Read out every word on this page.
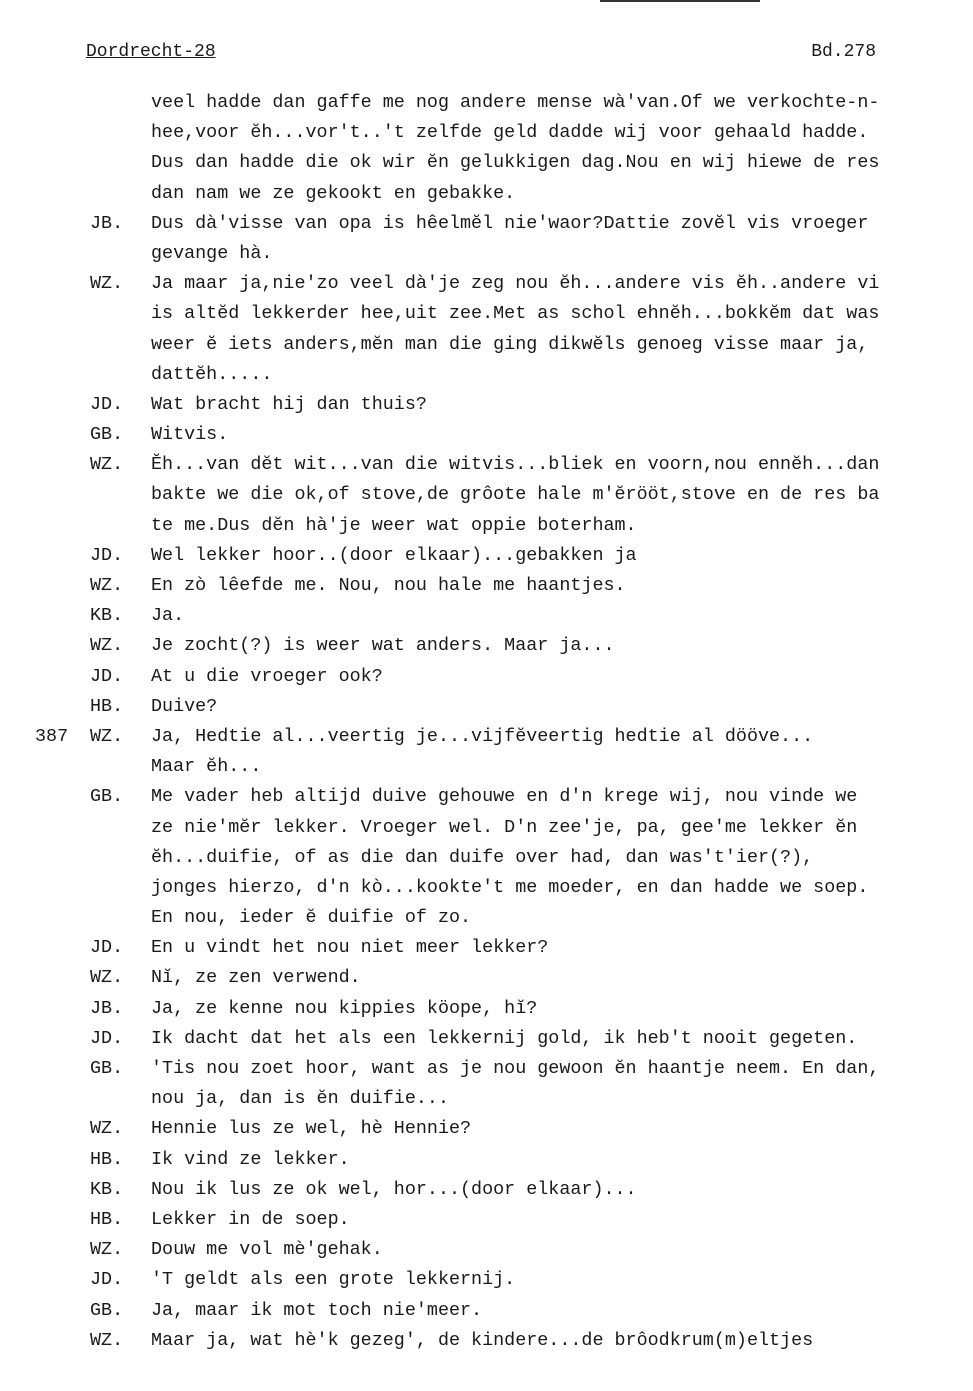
Dordrecht-28	Bd.278
veel hadde dan gaffe me nog andere mense wà'van.Of we verkochte-n-
hee,voor ĕh...vor't..'t zelfde geld dadde wij voor gehaald hadde.
Dus dan hadde die ok wir ĕn gelukkigen dag.Nou en wij hiewe de res
dan nam we ze gekookt en gebakke.
JB. Dus dà'visse van opa is hêelmĕl nie'waor?Dattie zovĕl vis vroeger
gevange hà.
WZ. Ja maar ja,nie'zo veel dà'je zeg nou ĕh...andere vis ĕh..andere vi
is altĕd lekkerder hee,uit zee.Met as schol ehnĕh...bokkĕm dat was
weer ĕ iets anders,mĕn man die ging dikwĕls genoeg visse maar ja,
dattĕh.....
JD. Wat bracht hij dan thuis?
GB. Witvis.
WZ. Ĕh...van dĕt wit...van die witvis...bliek en voorn,nou ennĕh...dan
bakte we die ok,of stove,de grôote hale m'ĕrööt,stove en de res ba
te me.Dus dĕn hà'je weer wat oppie boterham.
JD. Wel lekker hoor..(door elkaar)...gebakken ja
WZ. En zò lêefde me. Nou, nou hale me haantjes.
KB. Ja.
WZ. Je zocht(?) is weer wat anders. Maar ja...
JD. At u die vroeger ook?
HB. Duive?
387 WZ. Ja, Hedtie al...veertig je...vijfĕveertig hedtie al dööve...
Maar ĕh...
GB. Me vader heb altijd duive gehouwe en d'n krege wij, nou vinde we
ze nie'mĕr lekker. Vroeger wel. D'n zee'je, pa, gee'me lekker ĕn
ĕh...duifie, of as die dan duife over had, dan was't'ier(?),
jonges hierzo, d'n kò...kookte't me moeder, en dan hadde we soep.
En nou, ieder ĕ duifie of zo.
JD. En u vindt het nou niet meer lekker?
WZ. Nĭ, ze zen verwend.
JB. Ja, ze kenne nou kippies köope, hĭ?
JD. Ik dacht dat het als een lekkernij gold, ik heb't nooit gegeten.
GB. 'Tis nou zoet hoor, want as je nou gewoon ĕn haantje neem. En dan,
nou ja, dan is ĕn duifie...
WZ. Hennie lus ze wel, hè Hennie?
HB. Ik vind ze lekker.
KB. Nou ik lus ze ok wel, hor...(door elkaar)...
HB. Lekker in de soep.
WZ. Douw me vol mè'gehak.
JD. 'T geldt als een grote lekkernij.
GB. Ja, maar ik mot toch nie'meer.
WZ. Maar ja, wat hè'k gezeg', de kindere...de brôodkrum(m)eltjes
